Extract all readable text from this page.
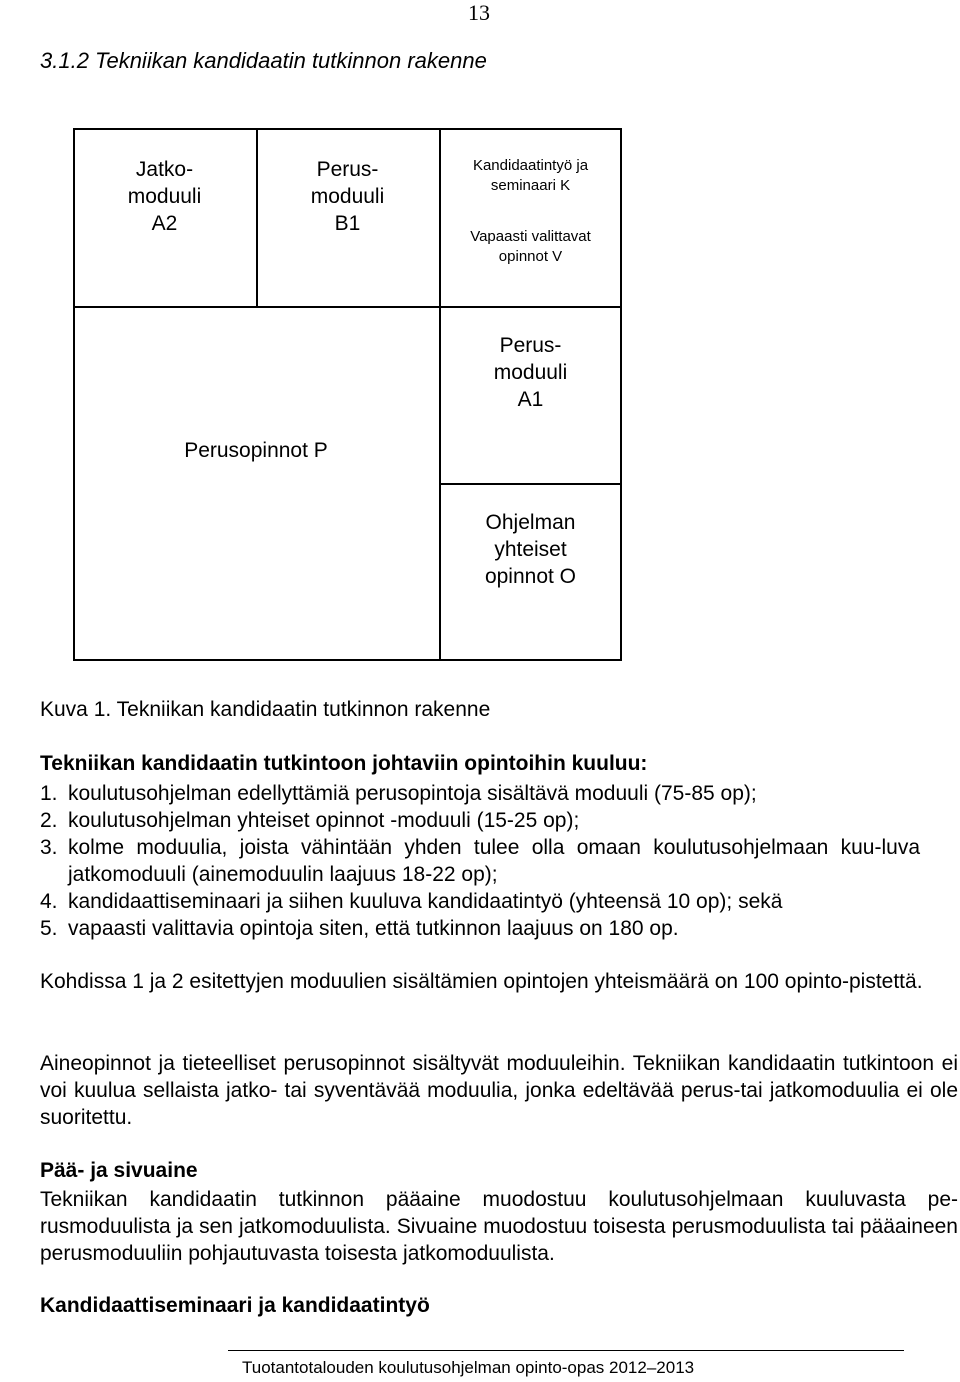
13
3.1.2 Tekniikan kandidaatin tutkinnon rakenne
Jatko-
moduuli
A2
Perus-
moduuli
B1
Kandidaatintyö ja
seminaari K
Vapaasti valittavat
opinnot V
Perusopinnot P
Perus-
moduuli
A1
Ohjelman
yhteiset
opinnot O
Kuva 1. Tekniikan kandidaatin tutkinnon rakenne
Tekniikan kandidaatin tutkintoon johtaviin opintoihin kuuluu:
1. koulutusohjelman edellyttämiä perusopintoja sisältävä moduuli (75-85 op);
2. koulutusohjelman yhteiset opinnot -moduuli (15-25 op);
3. kolme moduulia, joista vähintään yhden tulee olla omaan koulutusohjelmaan kuu-luva jatkomoduuli (ainemoduulin laajuus 18-22 op);
4. kandidaattiseminaari ja siihen kuuluva kandidaatintyö (yhteensä 10 op); sekä
5. vapaasti valittavia opintoja siten, että tutkinnon laajuus on 180 op.
Kohdissa 1 ja 2 esitettyjen moduulien sisältämien opintojen yhteismäärä on 100 opinto-pistettä.
Aineopinnot ja tieteelliset perusopinnot sisältyvät moduuleihin. Tekniikan kandidaatin tutkintoon ei voi kuulua sellaista jatko- tai syventävää moduulia, jonka edeltävää perus-tai jatkomoduulia ei ole suoritettu.
Pää- ja sivuaine
Tekniikan kandidaatin tutkinnon pääaine muodostuu koulutusohjelmaan kuuluvasta pe-rusmoduulista ja sen jatkomoduulista. Sivuaine muodostuu toisesta perusmoduulista tai pääaineen perusmoduuliin pohjautuvasta toisesta jatkomoduulista.
Kandidaattiseminaari ja kandidaatintyö
Tuotantotalouden koulutusohjelman opinto-opas 2012–2013
